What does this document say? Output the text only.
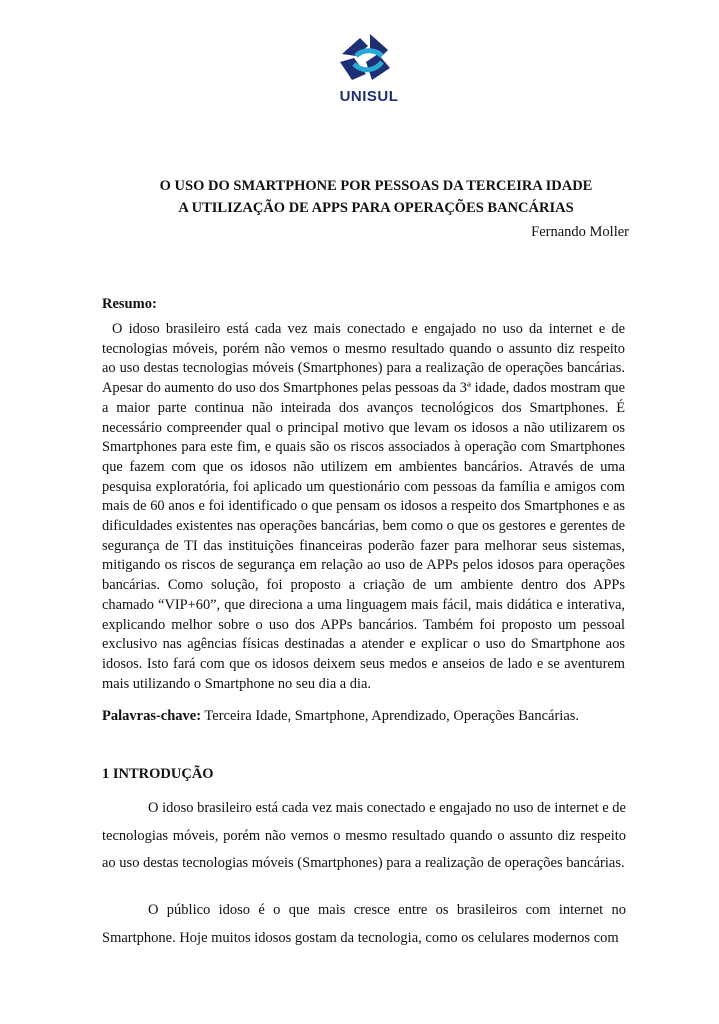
UNISUL
O USO DO SMARTPHONE POR PESSOAS DA TERCEIRA IDADE
A UTILIZAÇÃO DE APPS PARA OPERAÇÕES BANCÁRIAS
Fernando Moller
Resumo:
O idoso brasileiro está cada vez mais conectado e engajado no uso da internet e de tecnologias móveis, porém não vemos o mesmo resultado quando o assunto diz respeito ao uso destas tecnologias móveis (Smartphones) para a realização de operações bancárias. Apesar do aumento do uso dos Smartphones pelas pessoas da 3ª idade, dados mostram que a maior parte continua não inteirada dos avanços tecnológicos dos Smartphones. É necessário compreender qual o principal motivo que levam os idosos a não utilizarem os Smartphones para este fim, e quais são os riscos associados à operação com Smartphones que fazem com que os idosos não utilizem em ambientes bancários. Através de uma pesquisa exploratória, foi aplicado um questionário com pessoas da família e amigos com mais de 60 anos e foi identificado o que pensam os idosos a respeito dos Smartphones e as dificuldades existentes nas operações bancárias, bem como o que os gestores e gerentes de segurança de TI das instituições financeiras poderão fazer para melhorar seus sistemas, mitigando os riscos de segurança em relação ao uso de APPs pelos idosos para operações bancárias. Como solução, foi proposto a criação de um ambiente dentro dos APPs chamado “VIP+60”, que direciona a uma linguagem mais fácil, mais didática e interativa, explicando melhor sobre o uso dos APPs bancários. Também foi proposto um pessoal exclusivo nas agências físicas destinadas a atender e explicar o uso do Smartphone aos idosos. Isto fará com que os idosos deixem seus medos e anseios de lado e se aventurem mais utilizando o Smartphone no seu dia a dia.
Palavras-chave: Terceira Idade, Smartphone, Aprendizado, Operações Bancárias.
1 INTRODUÇÃO
O idoso brasileiro está cada vez mais conectado e engajado no uso de internet e de tecnologias móveis, porém não vemos o mesmo resultado quando o assunto diz respeito ao uso destas tecnologias móveis (Smartphones) para a realização de operações bancárias.
O público idoso é o que mais cresce entre os brasileiros com internet no Smartphone. Hoje muitos idosos gostam da tecnologia, como os celulares modernos com
